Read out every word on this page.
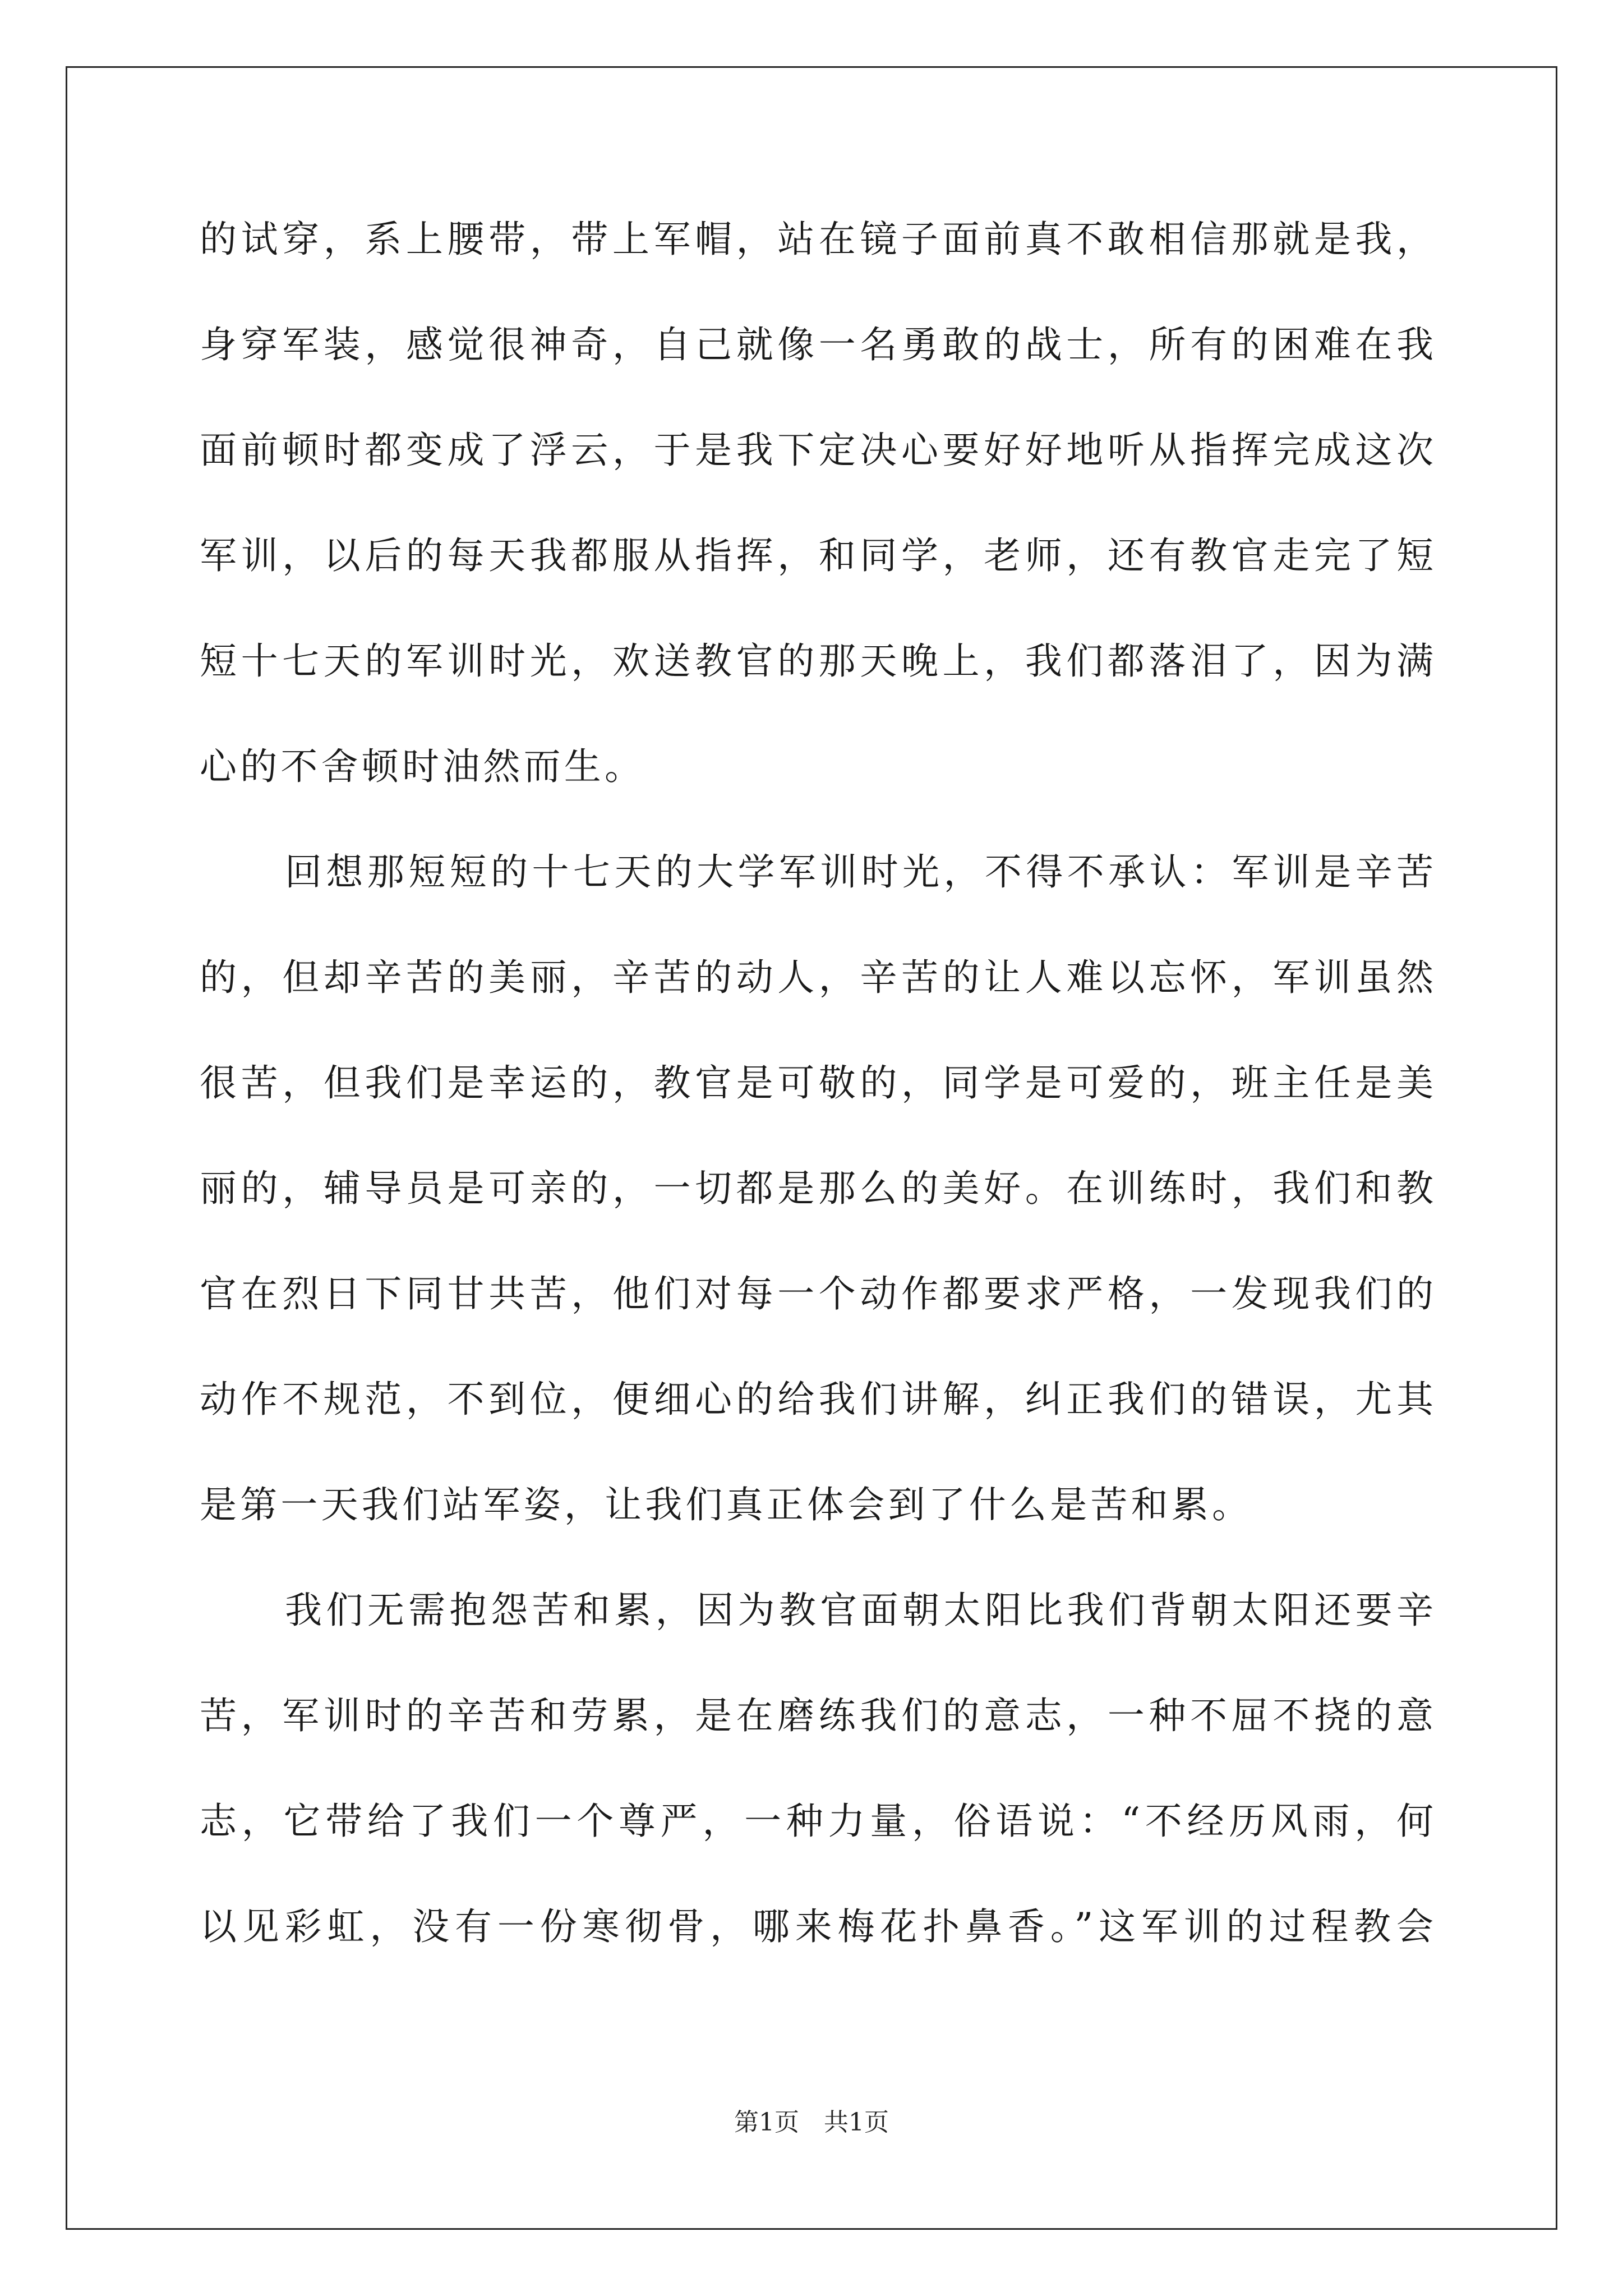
的试穿，系上腰带，带上军帽，站在镜子面前真不敢相信那就是我，
身穿军装，感觉很神奇，自己就像一名勇敢的战士，所有的困难在我
面前顿时都变成了浮云，于是我下定决心要好好地听从指挥完成这次
军训，以后的每天我都服从指挥，和同学，老师，还有教官走完了短
短十七天的军训时光，欢送教官的那天晚上，我们都落泪了，因为满
心的不舍顿时油然而生。
回想那短短的十七天的大学军训时光，不得不承认：军训是辛苦
的，但却辛苦的美丽，辛苦的动人，辛苦的让人难以忘怀，军训虽然
很苦，但我们是幸运的，教官是可敬的，同学是可爱的，班主任是美
丽的，辅导员是可亲的，一切都是那么的美好。在训练时，我们和教
官在烈日下同甘共苦，他们对每一个动作都要求严格，一发现我们的
动作不规范，不到位，便细心的给我们讲解，纠正我们的错误，尤其
是第一天我们站军姿，让我们真正体会到了什么是苦和累。
我们无需抱怨苦和累，因为教官面朝太阳比我们背朝太阳还要辛
苦，军训时的辛苦和劳累，是在磨练我们的意志，一种不屈不挠的意
志，它带给了我们一个尊严，一种力量，俗语说：“不经历风雨，何
以见彩虹，没有一份寒彻骨，哪来梅花扑鼻香。”这军训的过程教会
第1页　共1页
